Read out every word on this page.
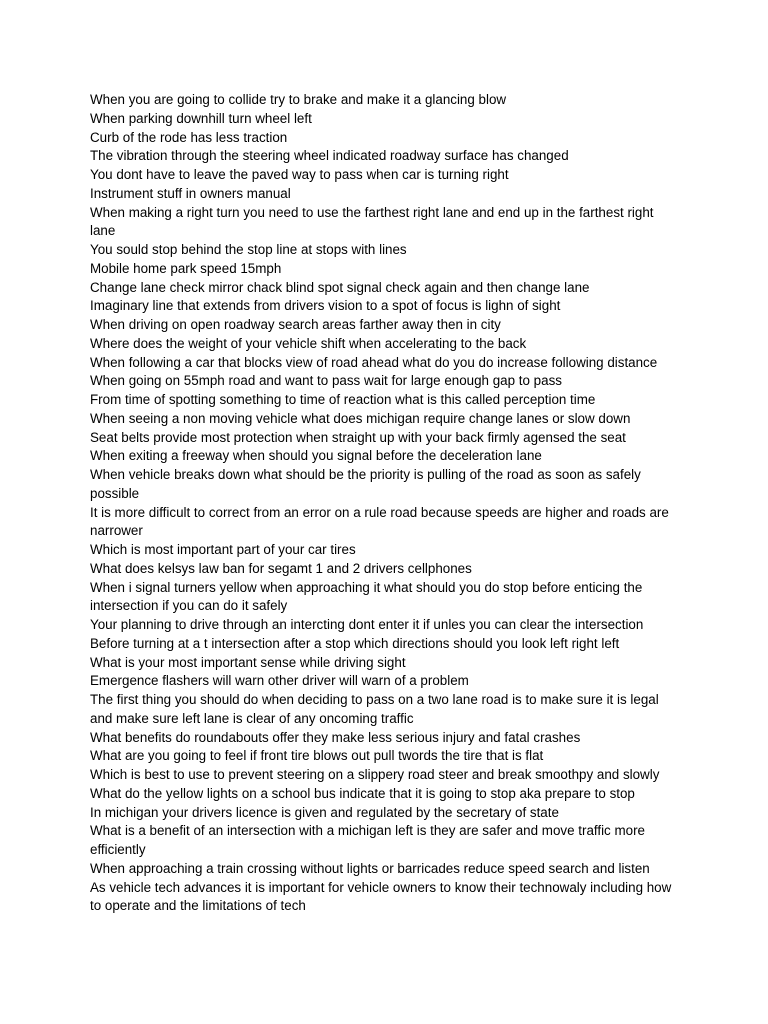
When you are going to collide try to brake and make it a glancing blow
When parking downhill turn wheel left
Curb of the rode has less traction
The vibration through the steering wheel indicated roadway surface has changed
You dont have to leave the paved way to pass when car is turning right
Instrument stuff in owners manual
When making a right turn you need to use the farthest right lane and end up in the farthest right lane
You sould stop behind the stop line at stops with lines
Mobile home park speed 15mph
Change lane check mirror chack blind spot signal check again and then change lane
Imaginary line that extends from drivers vision to a spot of focus is lighn of sight
When driving on open roadway search areas farther away then in city
Where does the weight of your vehicle shift when accelerating to the back
When following a car that blocks view of road ahead what do you do increase following distance
When going on 55mph road and want to pass wait for large enough gap to pass
From time of spotting something to time of reaction what is this called perception time
When seeing a non moving vehicle what does michigan require change lanes or slow down
Seat belts provide most protection when straight up with your back firmly agensed the seat
When exiting a freeway when should you signal before the deceleration lane
When vehicle breaks down what should be the priority is pulling of the road as soon as safely possible
It is more difficult to correct from an error on a rule road because speeds are higher and roads are narrower
Which is most important part of your car tires
What does kelsys law ban for segamt 1 and 2 drivers cellphones
When i signal turners yellow when approaching it what should you do stop before enticing the intersection if you can do it safely
Your planning to drive through an intercting dont enter it if unles you can clear the intersection
Before turning at a t intersection after a stop which directions should you look left right left
What is your most important sense while driving sight
Emergence flashers will warn other driver will warn of a problem
The first thing you should do when deciding to pass on a two lane road is to make sure it is legal and make sure left lane is clear of any oncoming traffic
What benefits do roundabouts offer they make less serious injury and fatal crashes
What are you going to feel if front tire blows out pull twords the tire that is flat
Which is best to use to prevent steering on a slippery road steer and break smoothpy and slowly
What do the yellow lights on a school bus indicate that it is going to stop aka prepare to stop
In michigan your drivers licence is given and regulated by the secretary of state
What is a benefit of an intersection with a michigan left is they are safer and move traffic more efficiently
When approaching a train crossing without lights or barricades reduce speed search and listen
As vehicle tech advances it is important for vehicle owners to know their technowaly including how to operate and the limitations of tech
